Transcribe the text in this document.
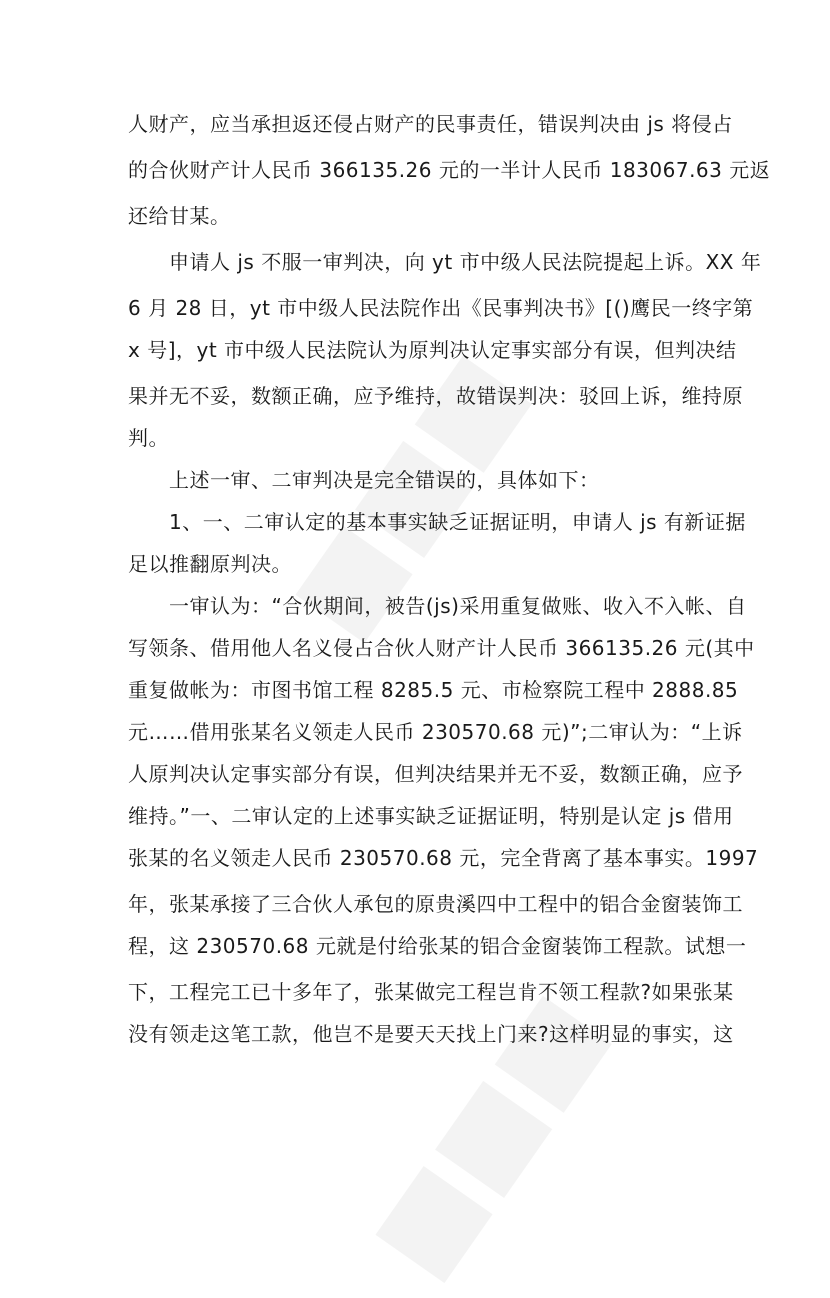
人财产，应当承担返还侵占财产的民事责任，错误判决由 js 将侵占
的合伙财产计人民币 366135.26 元的一半计人民币 183067.63 元返
还给甘某。
　　申请人 js 不服一审判决，向 yt 市中级人民法院提起上诉。XX 年
6 月 28 日，yt 市中级人民法院作出《民事判决书》[()鹰民一终字第
x 号]，yt 市中级人民法院认为原判决认定事实部分有误，但判决结
果并无不妥，数额正确，应予维持，故错误判决：驳回上诉，维持原
判。
　　上述一审、二审判决是完全错误的，具体如下：
　　1、一、二审认定的基本事实缺乏证据证明，申请人 js 有新证据
足以推翻原判决。
　　一审认为：“合伙期间，被告(js)采用重复做账、收入不入帐、自
写领条、借用他人名义侵占合伙人财产计人民币 366135.26 元(其中
重复做帐为：市图书馆工程 8285.5 元、市检察院工程中 2888.85
元……借用张某名义领走人民币 230570.68 元)”;二审认为：“上诉
人原判决认定事实部分有误，但判决结果并无不妥，数额正确，应予
维持。”一、二审认定的上述事实缺乏证据证明，特别是认定 js 借用
张某的名义领走人民币 230570.68 元，完全背离了基本事实。1997
年，张某承接了三合伙人承包的原贵溪四中工程中的铝合金窗装饰工
程，这 230570.68 元就是付给张某的铝合金窗装饰工程款。试想一
下，工程完工已十多年了，张某做完工程岂肯不领工程款?如果张某
没有领走这笔工款，他岂不是要天天找上门来?这样明显的事实，这
